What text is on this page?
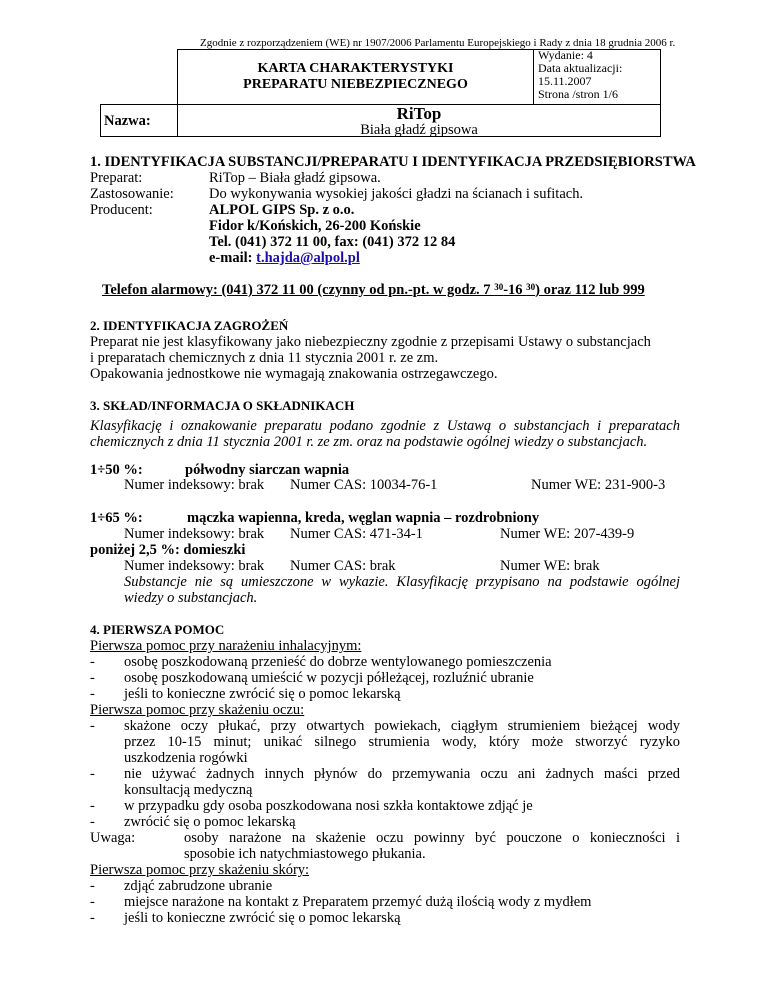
Zgodnie z rozporządzeniem (WE) nr 1907/2006 Parlamentu Europejskiego i Rady z dnia 18 grudnia 2006 r.
KARTA CHARAKTERYSTYKI
PREPARATU NIEBEZPIECZNEGO
Wydanie: 4
Data aktualizacji:
15.11.2007
Strona /stron 1/6
Nazwa:	RiTop
Biała gładź gipsowa
1. IDENTYFIKACJA SUBSTANCJI/PREPARATU I IDENTYFIKACJA PRZEDSIĘBIORSTWA
Preparat:	RiTop – Biała gładź gipsowa.
Zastosowanie: Do wykonywania wysokiej jakości gładzi na ścianach i sufitach.
Producent:	ALPOL GIPS Sp. z o.o.
Fidor k/Końskich, 26-200 Końskie
Tel. (041) 372 11 00, fax: (041) 372 12 84
e-mail: t.hajda@alpol.pl
Telefon alarmowy: (041) 372 11 00 (czynny od pn.-pt. w godz. 7 $^{30}$-16 $^{30}$) oraz 112 lub 999
2. IDENTYFIKACJA ZAGROŻEŃ
Preparat nie jest klasyfikowany jako niebezpieczny zgodnie z przepisami Ustawy o substancjach
i preparatach chemicznych z dnia 11 stycznia 2001 r. ze zm.
Opakowania jednostkowe nie wymagają znakowania ostrzegawczego.
3. SKŁAD/INFORMACJA O SKŁADNIKACH
Klasyfikację i oznakowanie preparatu podano zgodnie z Ustawą o substancjach i preparatach
chemicznych z dnia 11 stycznia 2001 r. ze zm. oraz na podstawie ogólnej wiedzy o substancjach.
1÷50 %:	półwodny siarczan wapnia
Numer indeksowy: brak Numer CAS: 10034-76-1	Numer WE: 231-900-3
1÷65 %:	mączka wapienna, kreda, węglan wapnia – rozdrobniony
Numer indeksowy: brak Numer CAS: 471-34-1	Numer WE: 207-439-9
poniżej 2,5 %: domieszki
Numer indeksowy: brak Numer CAS: brak	Numer WE: brak
Substancje nie są umieszczone w wykazie. Klasyfikację przypisano na podstawie ogólnej
wiedzy o substancjach.
4. PIERWSZA POMOC
Pierwsza pomoc przy narażeniu inhalacyjnym:
- osobę poszkodowaną przenieść do dobrze wentylowanego pomieszczenia
- osobę poszkodowaną umieścić w pozycji półleżącej, rozluźnić ubranie
- jeśli to konieczne zwrócić się o pomoc lekarską
Pierwsza pomoc przy skażeniu oczu:
- skażone oczy płukać, przy otwartych powiekach, ciągłym strumieniem bieżącej wody
przez 10-15 minut; unikać silnego strumienia wody, który może stworzyć ryzyko
uszkodzenia rogówki
- nie używać żadnych innych płynów do przemywania oczu ani żadnych maści przed
konsultacją medyczną
- w przypadku gdy osoba poszkodowana nosi szkła kontaktowe zdjąć je
- zwrócić się o pomoc lekarską
Uwaga:	osoby narażone na skażenie oczu powinny być pouczone o konieczności i
sposobie ich natychmiastowego płukania.
Pierwsza pomoc przy skażeniu skóry:
- zdjąć zabrudzone ubranie
- miejsce narażone na kontakt z Preparatem przemyć dużą ilością wody z mydłem
- jeśli to konieczne zwrócić się o pomoc lekarską
